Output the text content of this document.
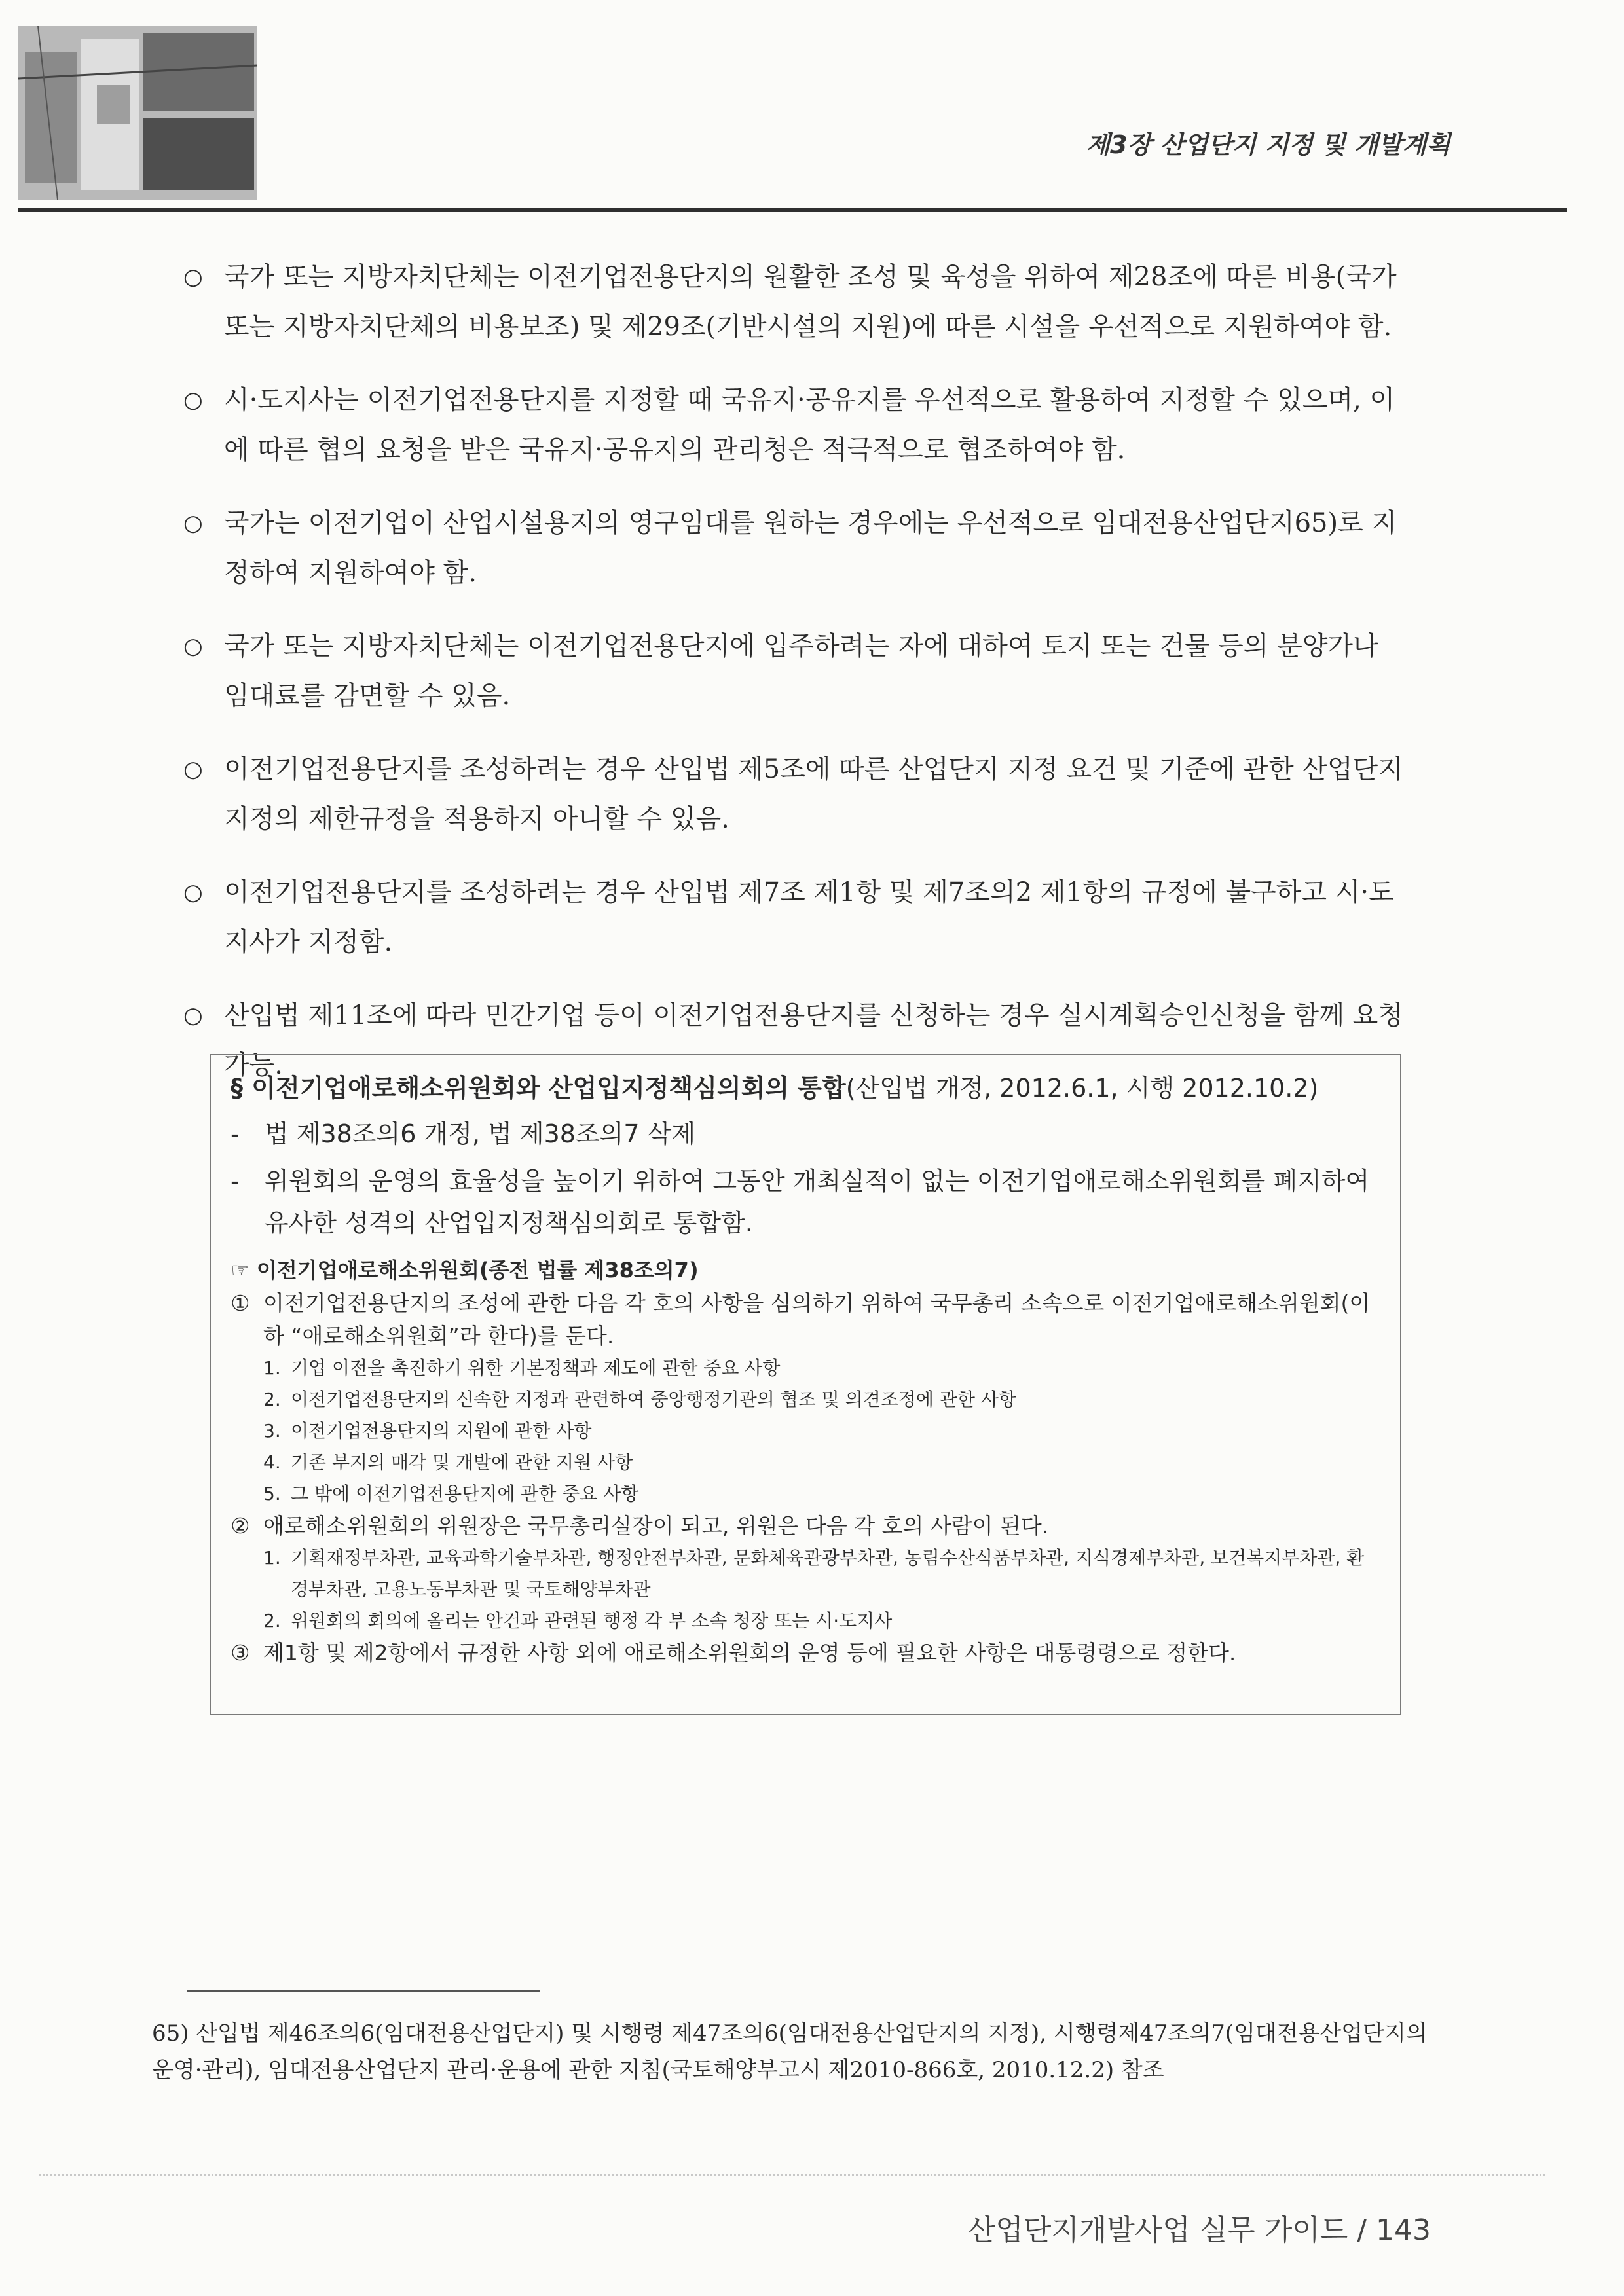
제3장 산업단지 지정 및 개발계획
○ 국가 또는 지방자치단체는 이전기업전용단지의 원활한 조성 및 육성을 위하여 제28조에 따른 비용(국가 또는 지방자치단체의 비용보조) 및 제29조(기반시설의 지원)에 따른 시설을 우선적으로 지원하여야 함.
○ 시·도지사는 이전기업전용단지를 지정할 때 국유지·공유지를 우선적으로 활용하여 지정할 수 있으며, 이에 따른 협의 요청을 받은 국유지·공유지의 관리청은 적극적으로 협조하여야 함.
○ 국가는 이전기업이 산업시설용지의 영구임대를 원하는 경우에는 우선적으로 임대전용산업단지65)로 지정하여 지원하여야 함.
○ 국가 또는 지방자치단체는 이전기업전용단지에 입주하려는 자에 대하여 토지 또는 건물 등의 분양가나 임대료를 감면할 수 있음.
○ 이전기업전용단지를 조성하려는 경우 산입법 제5조에 따른 산업단지 지정 요건 및 기준에 관한 산업단지지정의 제한규정을 적용하지 아니할 수 있음.
○ 이전기업전용단지를 조성하려는 경우 산입법 제7조 제1항 및 제7조의2 제1항의 규정에 불구하고 시·도지사가 지정함.
○ 산입법 제11조에 따라 민간기업 등이 이전기업전용단지를 신청하는 경우 실시계획승인신청을 함께 요청 가능.
§ 이전기업애로해소위원회와 산업입지정책심의회의 통합(산입법 개정, 2012.6.1, 시행 2012.10.2)
- 법 제38조의6 개정, 법 제38조의7 삭제
- 위원회의 운영의 효율성을 높이기 위하여 그동안 개최실적이 없는 이전기업애로해소위원회를 폐지하여 유사한 성격의 산업입지정책심의회로 통합함.
☞ 이전기업애로해소위원회(종전 법률 제38조의7)
① 이전기업전용단지의 조성에 관한 다음 각 호의 사항을 심의하기 위하여 국무총리 소속으로 이전기업애로해소위원회(이하 “애로해소위원회”라 한다)를 둔다.
1. 기업 이전을 촉진하기 위한 기본정책과 제도에 관한 중요 사항
2. 이전기업전용단지의 신속한 지정과 관련하여 중앙행정기관의 협조 및 의견조정에 관한 사항
3. 이전기업전용단지의 지원에 관한 사항
4. 기존 부지의 매각 및 개발에 관한 지원 사항
5. 그 밖에 이전기업전용단지에 관한 중요 사항
② 애로해소위원회의 위원장은 국무총리실장이 되고, 위원은 다음 각 호의 사람이 된다.
1. 기획재정부차관, 교육과학기술부차관, 행정안전부차관, 문화체육관광부차관, 농림수산식품부차관, 지식경제부차관, 보건복지부차관, 환경부차관, 고용노동부차관 및 국토해양부차관
2. 위원회의 회의에 올리는 안건과 관련된 행정 각 부 소속 청장 또는 시·도지사
③ 제1항 및 제2항에서 규정한 사항 외에 애로해소위원회의 운영 등에 필요한 사항은 대통령령으로 정한다.
65) 산입법 제46조의6(임대전용산업단지) 및 시행령 제47조의6(임대전용산업단지의 지정), 시행령제47조의7(임대전용산업단지의 운영·관리), 임대전용산업단지 관리·운용에 관한 지침(국토해양부고시 제2010-866호, 2010.12.2) 참조
산업단지개발사업 실무 가이드 / 143
